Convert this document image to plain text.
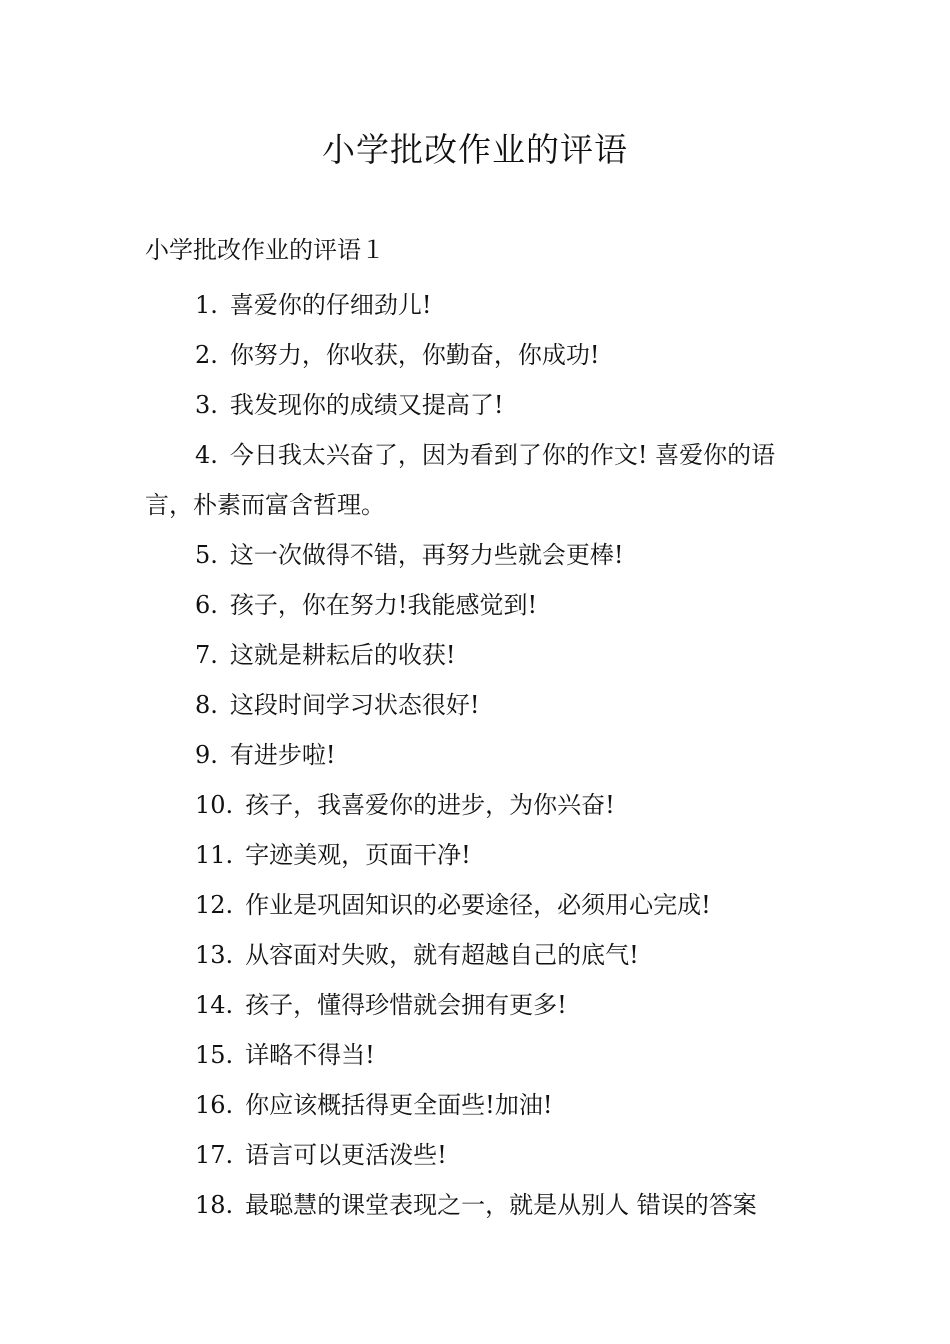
小学批改作业的评语
小学批改作业的评语１
1. 喜爱你的仔细劲儿!
2. 你努力，你收获，你勤奋，你成功!
3. 我发现你的成绩又提高了!
4. 今日我太兴奋了，因为看到了你的作文! 喜爱你的语言，朴素而富含哲理。
5. 这一次做得不错，再努力些就会更棒!
6. 孩子，你在努力!我能感觉到!
7. 这就是耕耘后的收获!
8. 这段时间学习状态很好!
9. 有进步啦!
10. 孩子，我喜爱你的进步，为你兴奋!
11. 字迹美观，页面干净!
12. 作业是巩固知识的必要途径，必须用心完成!
13. 从容面对失败，就有超越自己的底气!
14. 孩子，懂得珍惜就会拥有更多!
15. 详略不得当!
16. 你应该概括得更全面些!加油!
17. 语言可以更活泼些!
18. 最聪慧的课堂表现之一，就是从别人 错误的答案
